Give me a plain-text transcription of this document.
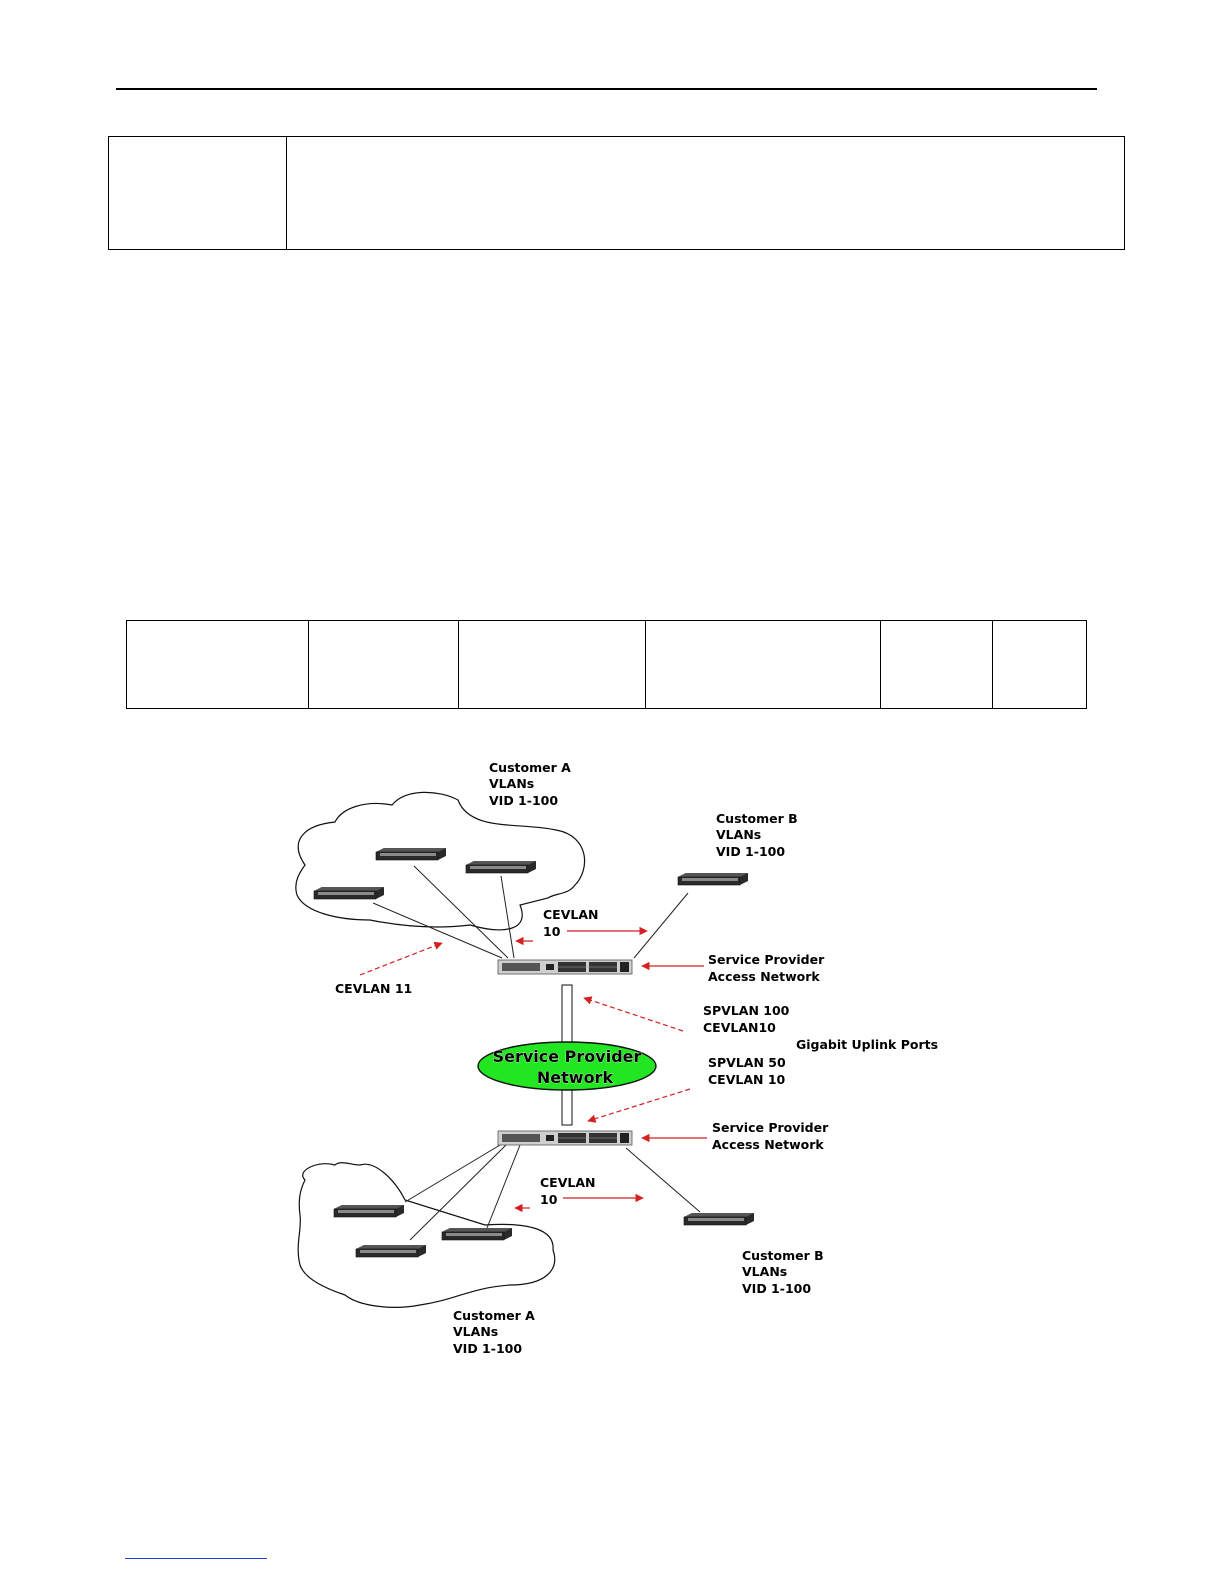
Service Provider
Network
Customer A
VLANs
VID 1-100
Customer B
VLANs
VID 1-100
CEVLAN
10
CEVLAN 11
Service Provider
Access Network
SPVLAN 100
CEVLAN10
Gigabit Uplink Ports
SPVLAN 50
CEVLAN 10
Service Provider
Access Network
CEVLAN
10
Customer B
VLANs
VID 1-100
Customer A
VLANs
VID 1-100
